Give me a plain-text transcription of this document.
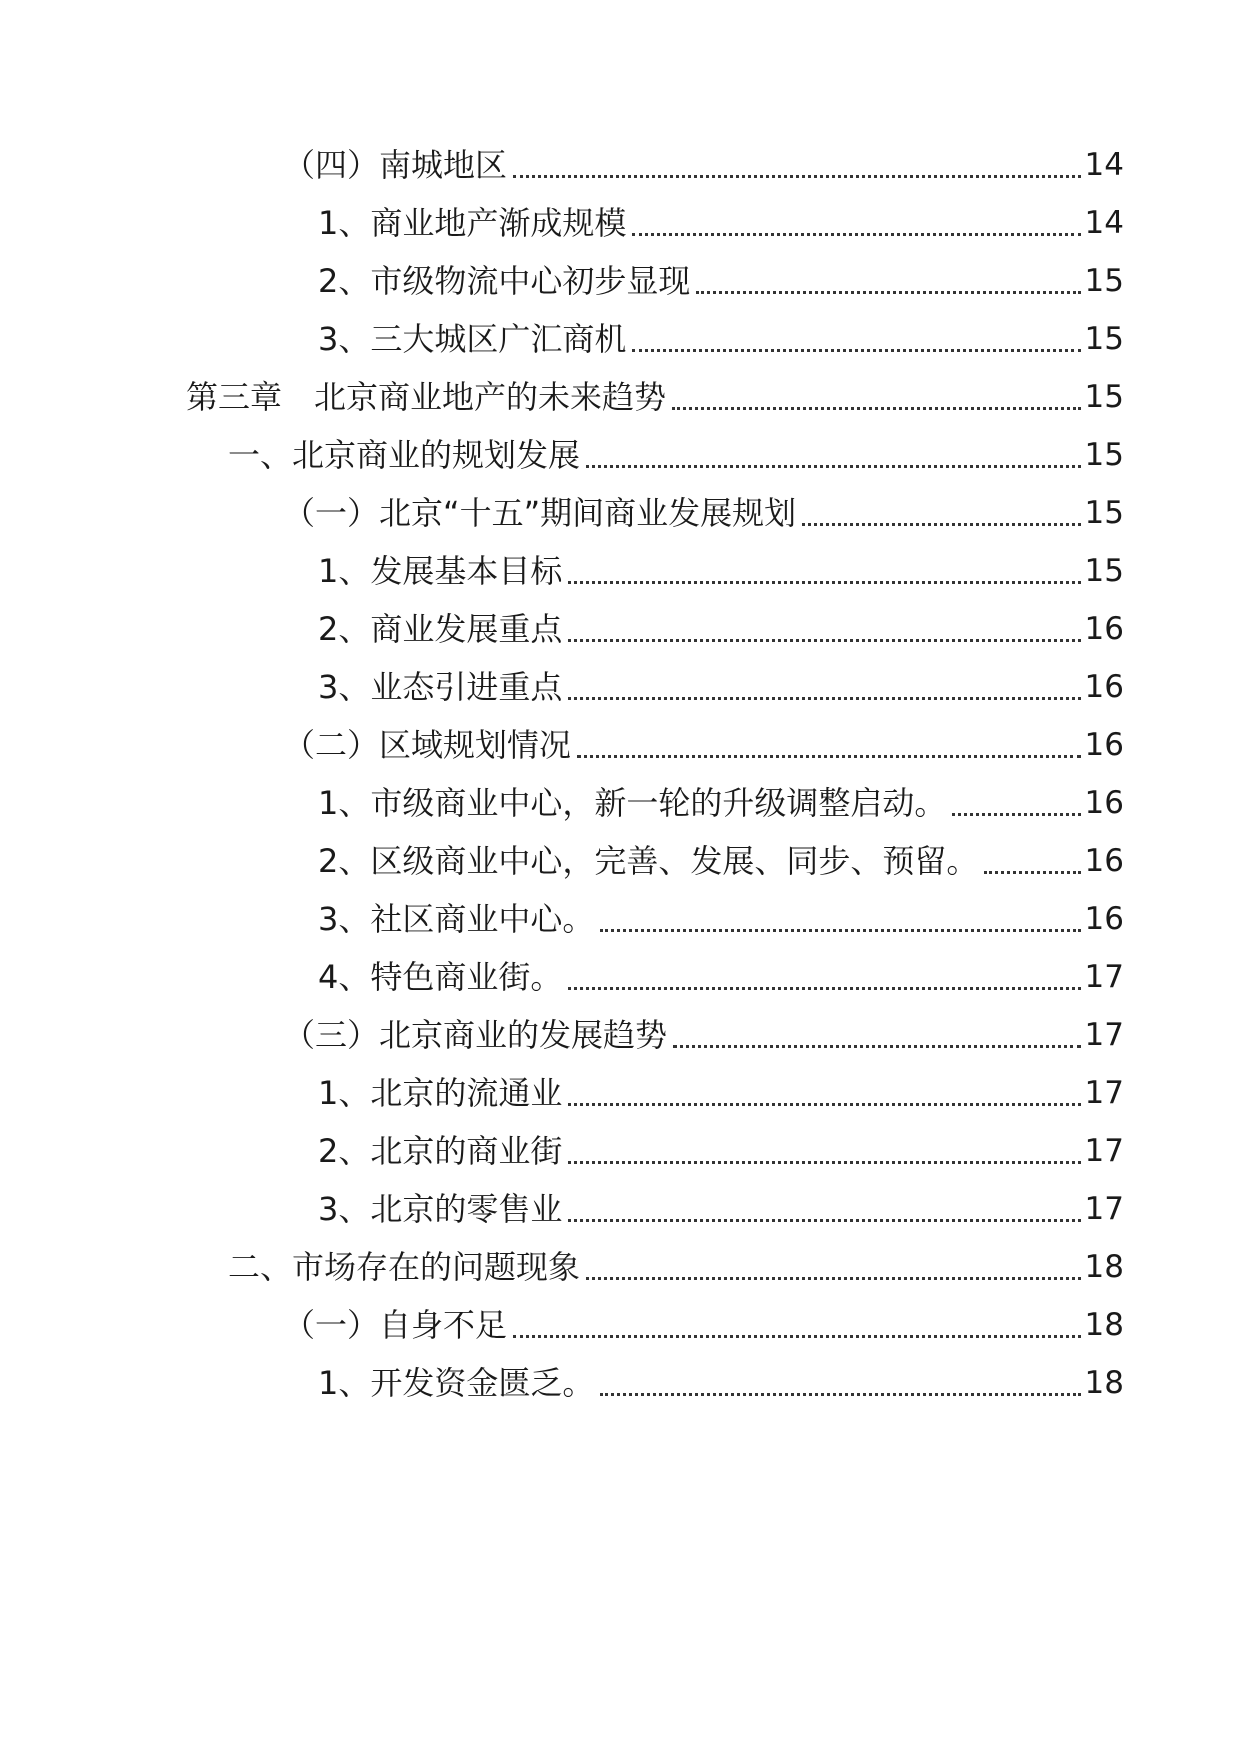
（四）南城地区	14
1、商业地产渐成规模	14
2、市级物流中心初步显现	15
3、三大城区广汇商机	15
第三章　北京商业地产的未来趋势	15
一、北京商业的规划发展	15
（一）北京“十五”期间商业发展规划	15
1、发展基本目标	15
2、商业发展重点	16
3、业态引进重点	16
（二）区域规划情况	16
1、市级商业中心，新一轮的升级调整启动。	16
2、区级商业中心，完善、发展、同步、预留。	16
3、社区商业中心。	16
4、特色商业街。	17
（三）北京商业的发展趋势	17
1、北京的流通业	17
2、北京的商业街	17
3、北京的零售业	17
二、市场存在的问题现象	18
（一）自身不足	18
1、开发资金匮乏。	18
